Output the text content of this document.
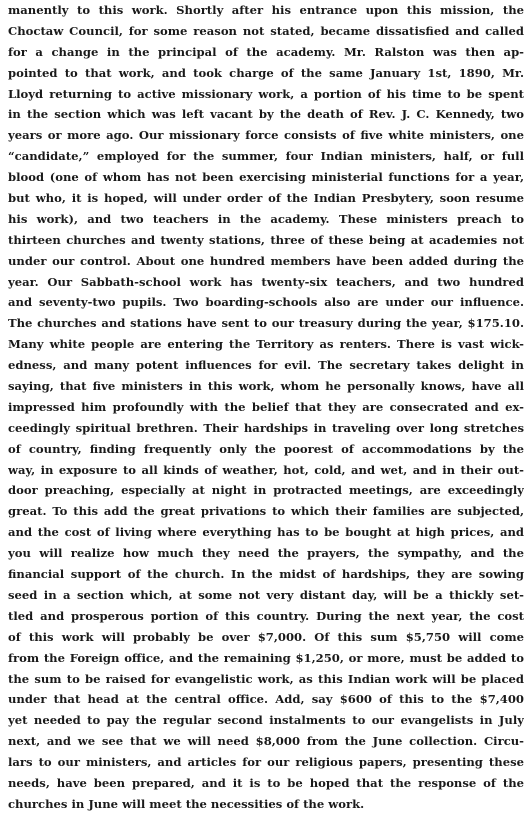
manently to this work. Shortly after his entrance upon this mission, the
Choctaw Council, for some reason not stated, became dissatisfied and called
for a change in the principal of the academy. Mr. Ralston was then ap-
pointed to that work, and took charge of the same January 1st, 1890, Mr.
Lloyd returning to active missionary work, a portion of his time to be spent
in the section which was left vacant by the death of Rev. J. C. Kennedy, two
years or more ago. Our missionary force consists of five white ministers, one
“candidate,” employed for the summer, four Indian ministers, half, or full
blood (one of whom has not been exercising ministerial functions for a year,
but who, it is hoped, will under order of the Indian Presbytery, soon resume
his work), and two teachers in the academy. These ministers preach to
thirteen churches and twenty stations, three of these being at academies not
under our control. About one hundred members have been added during the
year. Our Sabbath-school work has twenty-six teachers, and two hundred
and seventy-two pupils. Two boarding-schools also are under our influence.
The churches and stations have sent to our treasury during the year, $175.10.
Many white people are entering the Territory as renters. There is vast wick-
edness, and many potent influences for evil. The secretary takes delight in
saying, that five ministers in this work, whom he personally knows, have all
impressed him profoundly with the belief that they are consecrated and ex-
ceedingly spiritual brethren. Their hardships in traveling over long stretches
of country, finding frequently only the poorest of accommodations by the
way, in exposure to all kinds of weather, hot, cold, and wet, and in their out-
door preaching, especially at night in protracted meetings, are exceedingly
great. To this add the great privations to which their families are subjected,
and the cost of living where everything has to be bought at high prices, and
you will realize how much they need the prayers, the sympathy, and the
financial support of the church. In the midst of hardships, they are sowing
seed in a section which, at some not very distant day, will be a thickly set-
tled and prosperous portion of this country. During the next year, the cost
of this work will probably be over $7,000. Of this sum $5,750 will come
from the Foreign office, and the remaining $1,250, or more, must be added to
the sum to be raised for evangelistic work, as this Indian work will be placed
under that head at the central office. Add, say $600 of this to the $7,400
yet needed to pay the regular second instalments to our evangelists in July
next, and we see that we will need $8,000 from the June collection. Circu-
lars to our ministers, and articles for our religious papers, presenting these
needs, have been prepared, and it is to be hoped that the response of the
churches in June will meet the necessities of the work.
